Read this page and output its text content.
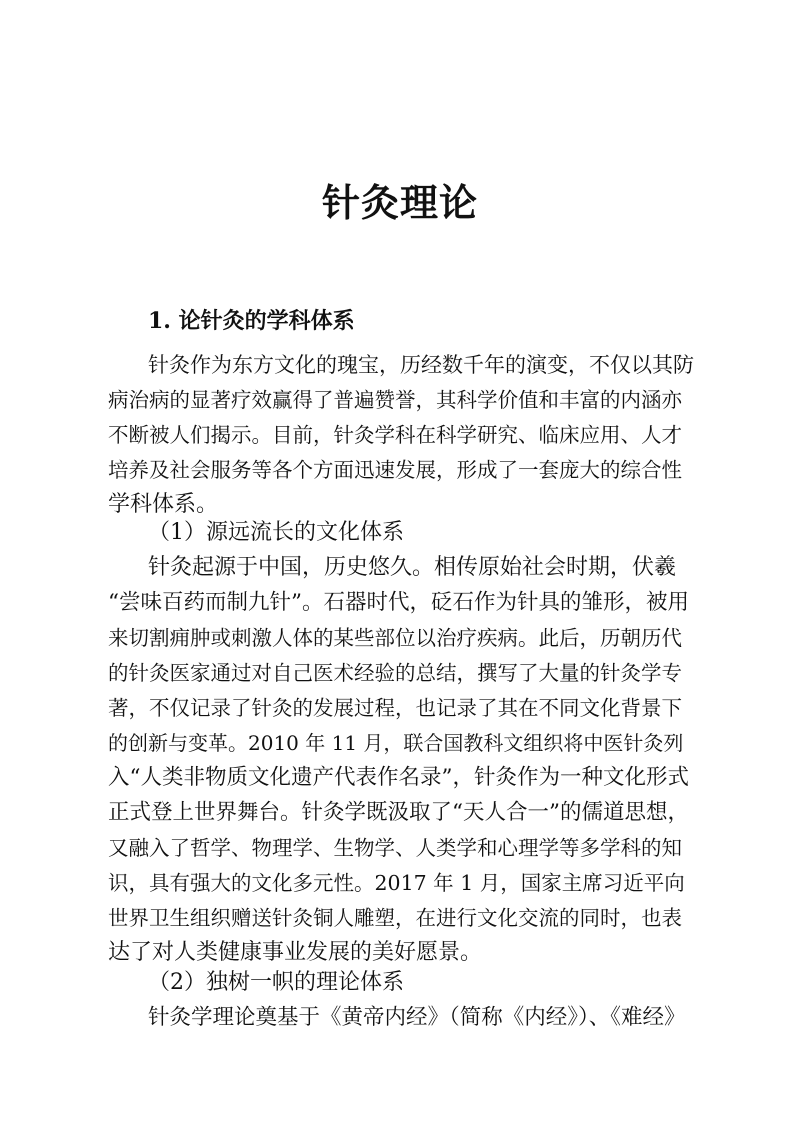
针灸理论
1. 论针灸的学科体系
针灸作为东方文化的瑰宝，历经数千年的演变，不仅以其防
病治病的显著疗效赢得了普遍赞誉，其科学价值和丰富的内涵亦
不断被人们揭示。目前，针灸学科在科学研究、临床应用、人才
培养及社会服务等各个方面迅速发展，形成了一套庞大的综合性
学科体系。
（1）源远流长的文化体系
针灸起源于中国，历史悠久。相传原始社会时期，伏羲
“尝味百药而制九针”。石器时代，砭石作为针具的雏形，被用
来切割痈肿或刺激人体的某些部位以治疗疾病。此后，历朝历代
的针灸医家通过对自己医术经验的总结，撰写了大量的针灸学专
著，不仅记录了针灸的发展过程，也记录了其在不同文化背景下
的创新与变革。2010 年 11 月，联合国教科文组织将中医针灸列
入“人类非物质文化遗产代表作名录”，针灸作为一种文化形式
正式登上世界舞台。针灸学既汲取了“天人合一”的儒道思想，
又融入了哲学、物理学、生物学、人类学和心理学等多学科的知
识，具有强大的文化多元性。2017 年 1 月，国家主席习近平向
世界卫生组织赠送针灸铜人雕塑，在进行文化交流的同时，也表
达了对人类健康事业发展的美好愿景。
（2）独树一帜的理论体系
针灸学理论奠基于《黄帝内经》（简称《内经》）、《难经》
